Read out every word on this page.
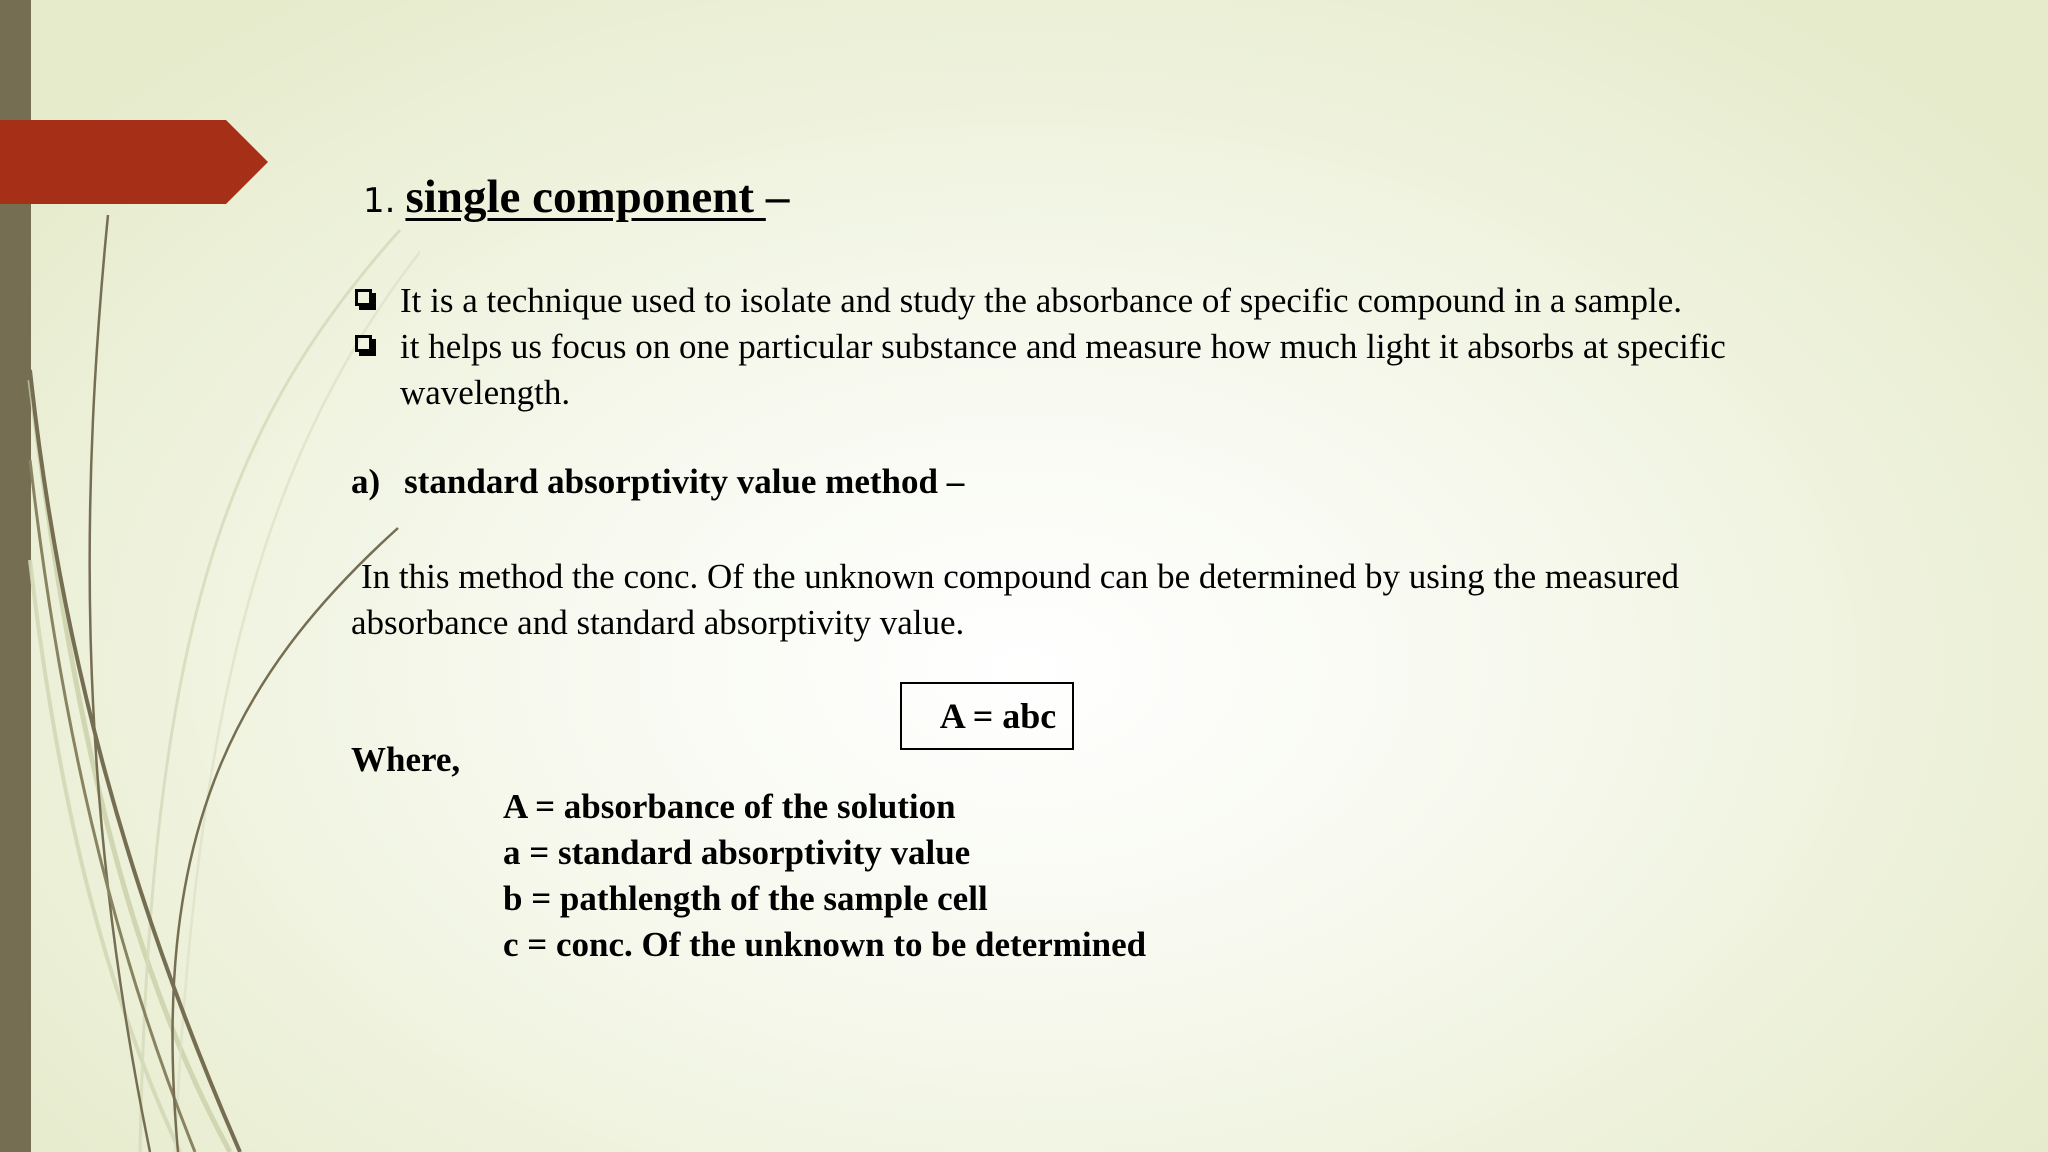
1. single component –
It is a technique used to isolate and study the absorbance of specific compound in a sample.
it helps us focus on one particular substance and measure how much light it absorbs at specific wavelength.
a) standard absorptivity value method –
In this method the conc. Of the unknown compound can be determined by using the measured
absorbance and standard absorptivity value.
A = abc
Where,
A = absorbance of the solution
a = standard absorptivity value
b = pathlength of the sample cell
c = conc. Of the unknown to be determined
